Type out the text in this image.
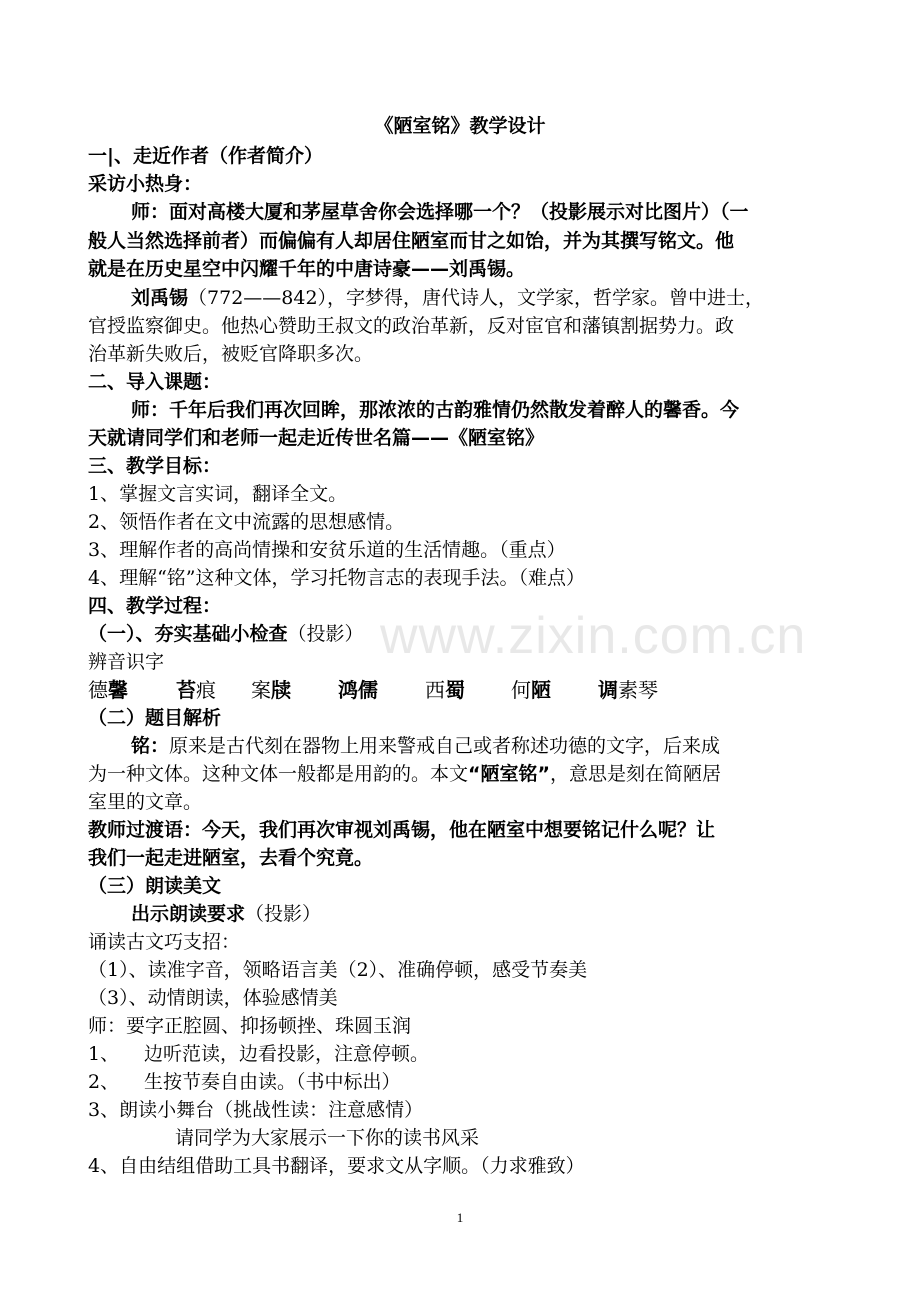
《陋室铭》教学设计
一|、走近作者（作者简介）
采访小热身：
师：面对高楼大厦和茅屋草舍你会选择哪一个？（投影展示对比图片）（一
般人当然选择前者）而偏偏有人却居住陋室而甘之如饴，并为其撰写铭文。他
就是在历史星空中闪耀千年的中唐诗豪——刘禹锡。
刘禹锡（772——842），字梦得，唐代诗人，文学家，哲学家。曾中进士，
官授监察御史。他热心赞助王叔文的政治革新，反对宦官和藩镇割据势力。政
治革新失败后，被贬官降职多次。
二、导入课题：
师：千年后我们再次回眸，那浓浓的古韵雅情仍然散发着醉人的馨香。今
天就请同学们和老师一起走近传世名篇——《陋室铭》
三、教学目标：
1、掌握文言实词，翻译全文。
2、领悟作者在文中流露的思想感情。
3、理解作者的高尚情操和安贫乐道的生活情趣。（重点）
4、理解“铭”这种文体，学习托物言志的表现手法。（难点）
四、教学过程：
（一）、夯实基础小检查（投影）
辨音识字
德馨 苔痕 案牍 鸿儒 西蜀 何陋 调素琴
（二）题目解析
铭：原来是古代刻在器物上用来警戒自己或者称述功德的文字，后来成
为一种文体。这种文体一般都是用韵的。本文“陋室铭”，意思是刻在简陋居
室里的文章。
教师过渡语：今天，我们再次审视刘禹锡，他在陋室中想要铭记什么呢？让
我们一起走进陋室，去看个究竟。
（三）朗读美文
出示朗读要求（投影）
诵读古文巧支招：
（1）、读准字音，领略语言美（2）、准确停顿，感受节奏美
（3）、动情朗读，体验感情美
师：要字正腔圆、抑扬顿挫、珠圆玉润
1、 边听范读，边看投影，注意停顿。
2、 生按节奏自由读。（书中标出）
3、朗读小舞台（挑战性读：注意感情）
请同学为大家展示一下你的读书风采
4、自由结组借助工具书翻译，要求文从字顺。（力求雅致）
www.zixin.com.cn
1
